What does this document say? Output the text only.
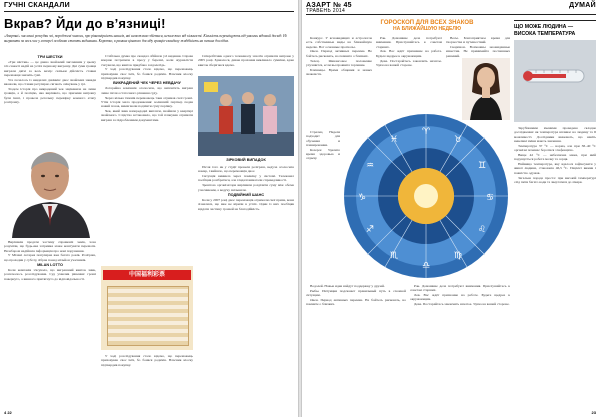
ГУЧНІ СКАНДАЛИ
Вкрав? Йди до в’язниці!
«Азартні» численні розсудки злі, породжені чимось, про рівномірність шансів, які неможливо збігтися, незалежно від кількості. Кількість переміщують від уявлень відомий досвід. Ні вигравати за весь час у лотереї особливо стають видимими. Коротко, в рамках цікавого досліду гравців-скандалу жадібність на певних дослідах.
ТРИ ШЕСТКИ

«Три шістки» — це давно знайомий численним у цьому хіт-сюжеті надій на успіх першому виграшу. Дві суми гравця виграли двічі за весь вечір: скільки дійсність ставки переможця значить сумі.

Усе почалось із невдалих дзвінків: двоє знайомих завжди вважали, що ставки регулярно сягають очікувань у грі.

Згодом історія про викрадений чек зацікавила не лише гравців, а й поліцію, яка вирішила, що причини виграшу були інші, і провела ретельну перевірку кожного етапу розіграшу.

Вирішили продати частину справжніх чеків, хоча розуміли, що будь-яка затримка може коштувати перемоги. Незабаром надійшла інформація про нові порушення.

У Мілані лотерея популярна вже багато років. Розіграш, що проходив у суботу, зібрав понад мільйон учасників.

MILAN LOTTO

Коли компанія з'ясувала, що виграшний квиток зник, розпочалось розслідування. Суд ухвалив рішення: гроші повернуто, а винного притягнуто до відповідальності.

Стабільна думка про скандал обійшла усі видання. Справа вперше потрапила в пресу у березні, коли журналісти з'ясували, що квиток придбано заздалегідь.

У ході розслідування стало відомо, що переможець приховував своє ім'я, бо боявся родичів. Власник кіоску підтвердив покупку.

ВИКРАДЕНИЙ ЧЕК ЧЕРЕЗ НЕВДАЧУ

Лотерейна компанія оголосила, що виплатить виграш лише після остаточного рішення суду.

Через кілька тижнів переможець таки отримав свої гроші. Утім історія мала продовження: колишній партнер подав новий позов, вимагаючи поділити суму порівну.

Чек, який зник напередодні виплати, знайшли у квартирі знайомого. Слідство встановило, що той планував отримати виграш за підробленими документами.

中国福利彩票

У ході розслідування стало відомо, що переможець приховував своє ім'я, бо боявся родичів. Власник кіоску підтвердив покупку.

Співробітник одного телеканалу захотів отримати вигране у 2005 році. Здавалося, дивне прохання викликало сумніви, адже квиток зберігався вдома.

ЗІРКОВИЙ ВИПАДОК

Після того як у студії провели розіграш, ведуча оголосила номер, і вийшло, що переможців двоє.

Ситуація виникла через помилку у системі. Телеканал пообіцяв розібратися, але глядачі вимагали справедливості.

Зрештою організатори вирішили розділити суму між обома учасниками, а ведучу звільнили.

ПОДВІЙНИЙ ШАНС

Коли у 2007 році двоє переможців отримали свої призи, вони зізналися, що вже не вірили в успіх. Один із них пообіцяв віддати частину грошей на благодійність.

4 22
АЗАРТ № 45
ТРАВЕНЬ 2014
ДУМАЙ
ГОРОСКОП ДЛЯ ВСЕХ ЗНАКОВ
НА БЛИЖАЙШУЮ НЕДЕЛЮ

Конкурс. У ясновидящих и астрологов есть собственные виды на ближайшую неделю. Вот основные прогнозы.

Овен. Период активных перемен. Не бойтесь рисковать, но помните о близких.

Телец. Финансовое положение улучшится, если вы проявите терпение.

Близнецы. Время общения и новых знакомств.

Рак. Домашние дела потребуют внимания. Прислушайтесь к советам старших.

Лев. Вас ждёт признание на работе. Будьте щедрее к окружающим.

Дева. Постарайтесь закончить начатое. Удача на вашей стороне.

Весы. Благоприятное время для творчества и путешествий.

Скорпион. Возможны неожиданные известия. Не принимайте поспешных решений.

♈
♉
♊
♋
♌
♍
♎
♏
♐
♑
♒
♓

Стрелец. Неделя подходит для обучения и планирования.

Козерог. Уделите время здоровью и отдыху.

Водолей. Новые идеи найдут поддержку у друзей.

Рыбы. Интуиция подскажет правильный путь в сложной ситуации.

Овен. Период активных перемен. Не бойтесь рисковать, но помните о близких.

Рак. Домашние дела потребуют внимания. Прислушайтесь к советам старших.

Лев. Вас ждёт признание на работе. Будьте щедрее к окружающим.

Дева. Постарайтесь закончить начатое. Удача на вашей стороне.

ЩО МОЖЕ ЛЮДИНА —
ВИСОКА ТЕМПЕРАТУРА

Зарубіжними вченими проведено складне дослідження: як температура впливає на людину та її можливості. Дослідники вважають, що навіть невеликі зміни мають значення.

Температура 37 °С — норма, але при 38–40 °С організм починає боротися з інфекцією.

Вище 42 °С — небезпечна межа, при якій порушується робота мозку та серця.

Найвища температура, яку вдалося зафіксувати у живої людини, становила 46,5 °С. Пацієнт вижив і повністю одужав.

Загальна порада проста: при високій температурі слід пити багато води та звертатися до лікаря.

23
